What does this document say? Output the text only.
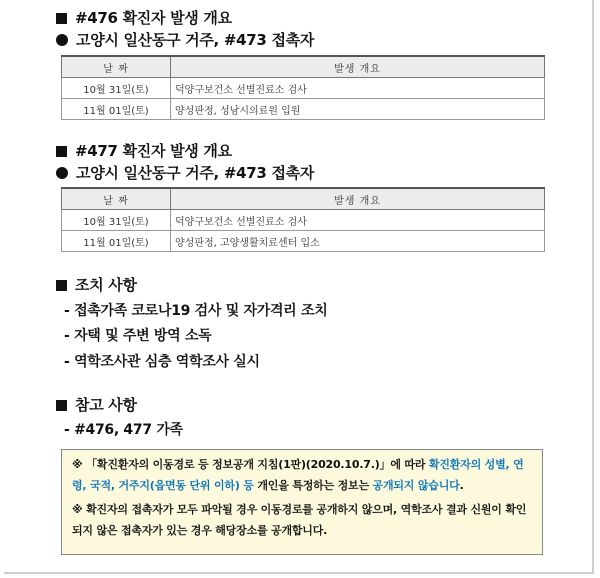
#476 확진자 발생 개요
고양시 일산동구 거주, #473 접촉자
날 짜	발생 개요
10월 31일(토)	덕양구보건소 선별진료소 검사
11월 01일(토)	양성판정, 성남시의료원 입원
#477 확진자 발생 개요
고양시 일산동구 거주, #473 접촉자
날 짜	발생 개요
10월 31일(토)	덕양구보건소 선별진료소 검사
11월 01일(토)	양성판정, 고양생활치료센터 입소
조치 사항
- 접촉가족 코로나19 검사 및 자가격리 조치
- 자택 및 주변 방역 소독
- 역학조사관 심층 역학조사 실시
참고 사항
- #476, 477 가족

※ 「확진환자의 이동경로 등 정보공개 지침(1판)(2020.10.7.)」에 따라 확진환자의 성별, 연령, 국적, 거주지(읍면동 단위 이하) 등 개인을 특정하는 정보는 공개되지 않습니다.

※ 확진자의 접촉자가 모두 파악될 경우 이동경로를 공개하지 않으며, 역학조사 결과 신원이 확인되지 않은 접촉자가 있는 경우 해당장소를 공개합니다.
